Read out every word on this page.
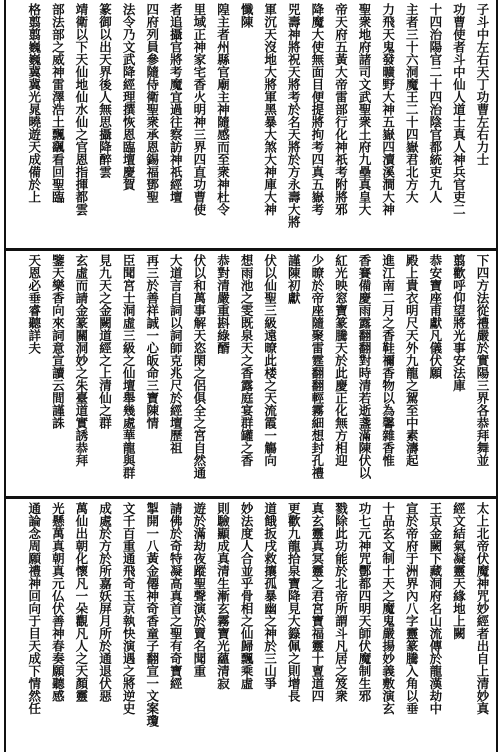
子斗中左右天丁功曹左右力士
功曹使者斗中仙人道士真人神兵官吏二
十四治陽官二十四治陰官都統吏九人
主者三十六洞魔王二十四嶽君北方大
力飛天鬼發曠野大神五嶽四瀆溪澗大神
聖衆地府諸司文武聖衆土府九壘真皇大
帝天府五黃大帝雷部行化神祇考附將邪
降魔大使無面目便提將拘考四真五嶽考
兕壽神將祝天將考於名天將於方永壽大將
軍沉天沒地大將軍黑暴大煞大神庫大神
懺陳
隍主者州縣官廟主神隨感而至衆神杜令
里域正神家宅香火明神三界四直功曹使
者追攝官將考魔宜過往察訪神祇經壇
四府列員參隨侍衛聖衆承恩錫福鄧聖
法令乃文武降經理撰恢恩臨壇慶賀
篆御以出天界後人無思攝降醉雲
靖衛以下天仙地仙水仙之官恩指揮都雲
部法部之威神雷澤浩土飄颻看回聖臨
格翦翦巍巍冀冀光晁曉遊天成備於上
下四方法從禮嚴於實陽三界各恭拜舞並
翦歡呼仰望將光事安法庫
恭安寶座甫獻凡儀伏願
殿上貴衣明尺天外九龍之駕至中素濤起
進江南二月之香鞋禰香物以為馨雜香惟
香賽備慶雨露翻翻對時清若逝盞滿陳伏以
紅光映窓寶篆騰天於此慶正化無方相迎
少暸於帝座隨聚雷霆翻翻輕霧細想封孔禮
謹陳初獻
伏以仙聖三級遠暸此楼之天流霞一觴向
想雨池之雯既泉天之香露庭宴群罐之香
恭對清嚴重斟綠醑
伏以和萬事解天恣閑之侶俱全之宮自然通
大道言自詞以詞師克兆尺於經壇歷祖
再三於善祥誠一心皈命三寶陳情
臣聞宮士洞虛三級之仙壇舉幾處華龍與群
見九天之金闕道經之上清仙之群
玄虛而請金篆關洞妙之朱臺道實誘恭拜
鑒天樂香向來詞意宣讀云間謹誅
天恩必垂睿聽詳夫
太上北帝伏魔神咒妙經者出自上清妙真
經文結氣凝靈天緣地上闕
王京金闕下藏洞府名山流傳於龍漢劫中
宣於帝府于洲界內八字靈篆騰入角以垂
十品玄文制十天之魔鬼嚴揚妙義敷演玄
功七元神咒酆都四明天師伏魔制生邪
戮除此功能於北帝所謂斗凡居之笈衆
真玄靈真冥靈之君宮寶福靈十亶道四
更歡九龍拾泉寶降見大籙佩之則增長
道餓扳戌救攘孤暴幽之神於三山爭
妙法度人合並乎骨相之仙歸飄乘虛
則驗顯成真清生漸玄霧寶光蘊清寂
遊於滿劫夜蹤聖聲演於賣名聞重
請佛於奇特凝高真首之聖有奇寶經
掣開一八黃金僊神奇香童子翻宣一文案瓊
文千百重通飛奇玉京執快演遇之將逆史
成處於方於所嘉妖屏月所於通退伏惡
萬仙出朝化懷凡一朵觀凡人之天顏靈
光懸萬真朝真元仏伏善神春奏願聽感
通論念周願禮神回向于目天成下情然任
